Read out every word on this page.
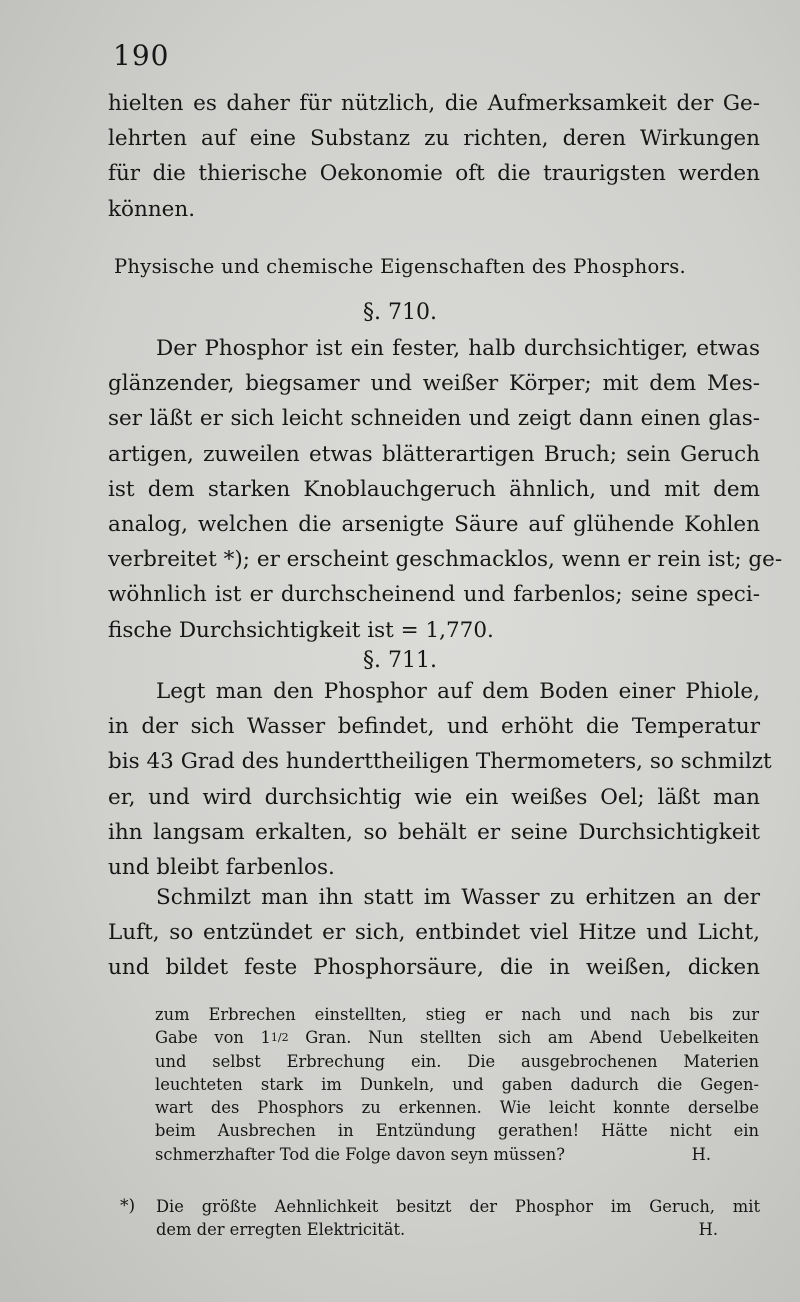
190
hielten es daher für nützlich, die Aufmerksamkeit der Ge-
lehrten auf eine Substanz zu richten, deren Wirkungen
für die thierische Oekonomie oft die traurigsten werden
können.
Physische und chemische Eigenschaften des Phosphors.
§. 710.
Der Phosphor ist ein fester, halb durchsichtiger, etwas
glänzender, biegsamer und weißer Körper; mit dem Mes-
ser läßt er sich leicht schneiden und zeigt dann einen glas-
artigen, zuweilen etwas blätterartigen Bruch; sein Geruch
ist dem starken Knoblauchgeruch ähnlich, und mit dem
analog, welchen die arsenigte Säure auf glühende Kohlen
verbreitet *); er erscheint geschmacklos, wenn er rein ist; ge-
wöhnlich ist er durchscheinend und farbenlos; seine speci-
fische Durchsichtigkeit ist = 1,770.
§. 711.
Legt man den Phosphor auf dem Boden einer Phiole,
in der sich Wasser befindet, und erhöht die Temperatur
bis 43 Grad des hunderttheiligen Thermometers, so schmilzt
er, und wird durchsichtig wie ein weißes Oel; läßt man
ihn langsam erkalten, so behält er seine Durchsichtigkeit
und bleibt farbenlos.
Schmilzt man ihn statt im Wasser zu erhitzen an der
Luft, so entzündet er sich, entbindet viel Hitze und Licht,
und bildet feste Phosphorsäure, die in weißen, dicken
zum Erbrechen einstellten, stieg er nach und nach bis zur
Gabe von 11/2 Gran. Nun stellten sich am Abend Uebelkeiten
und selbst Erbrechung ein. Die ausgebrochenen Materien
leuchteten stark im Dunkeln, und gaben dadurch die Gegen-
wart des Phosphors zu erkennen. Wie leicht konnte derselbe
beim Ausbrechen in Entzündung gerathen! Hätte nicht ein
schmerzhafter Tod die Folge davon seyn müssen?	H.
*) Die größte Aehnlichkeit besitzt der Phosphor im Geruch, mit
dem der erregten Elektricität.	H.
